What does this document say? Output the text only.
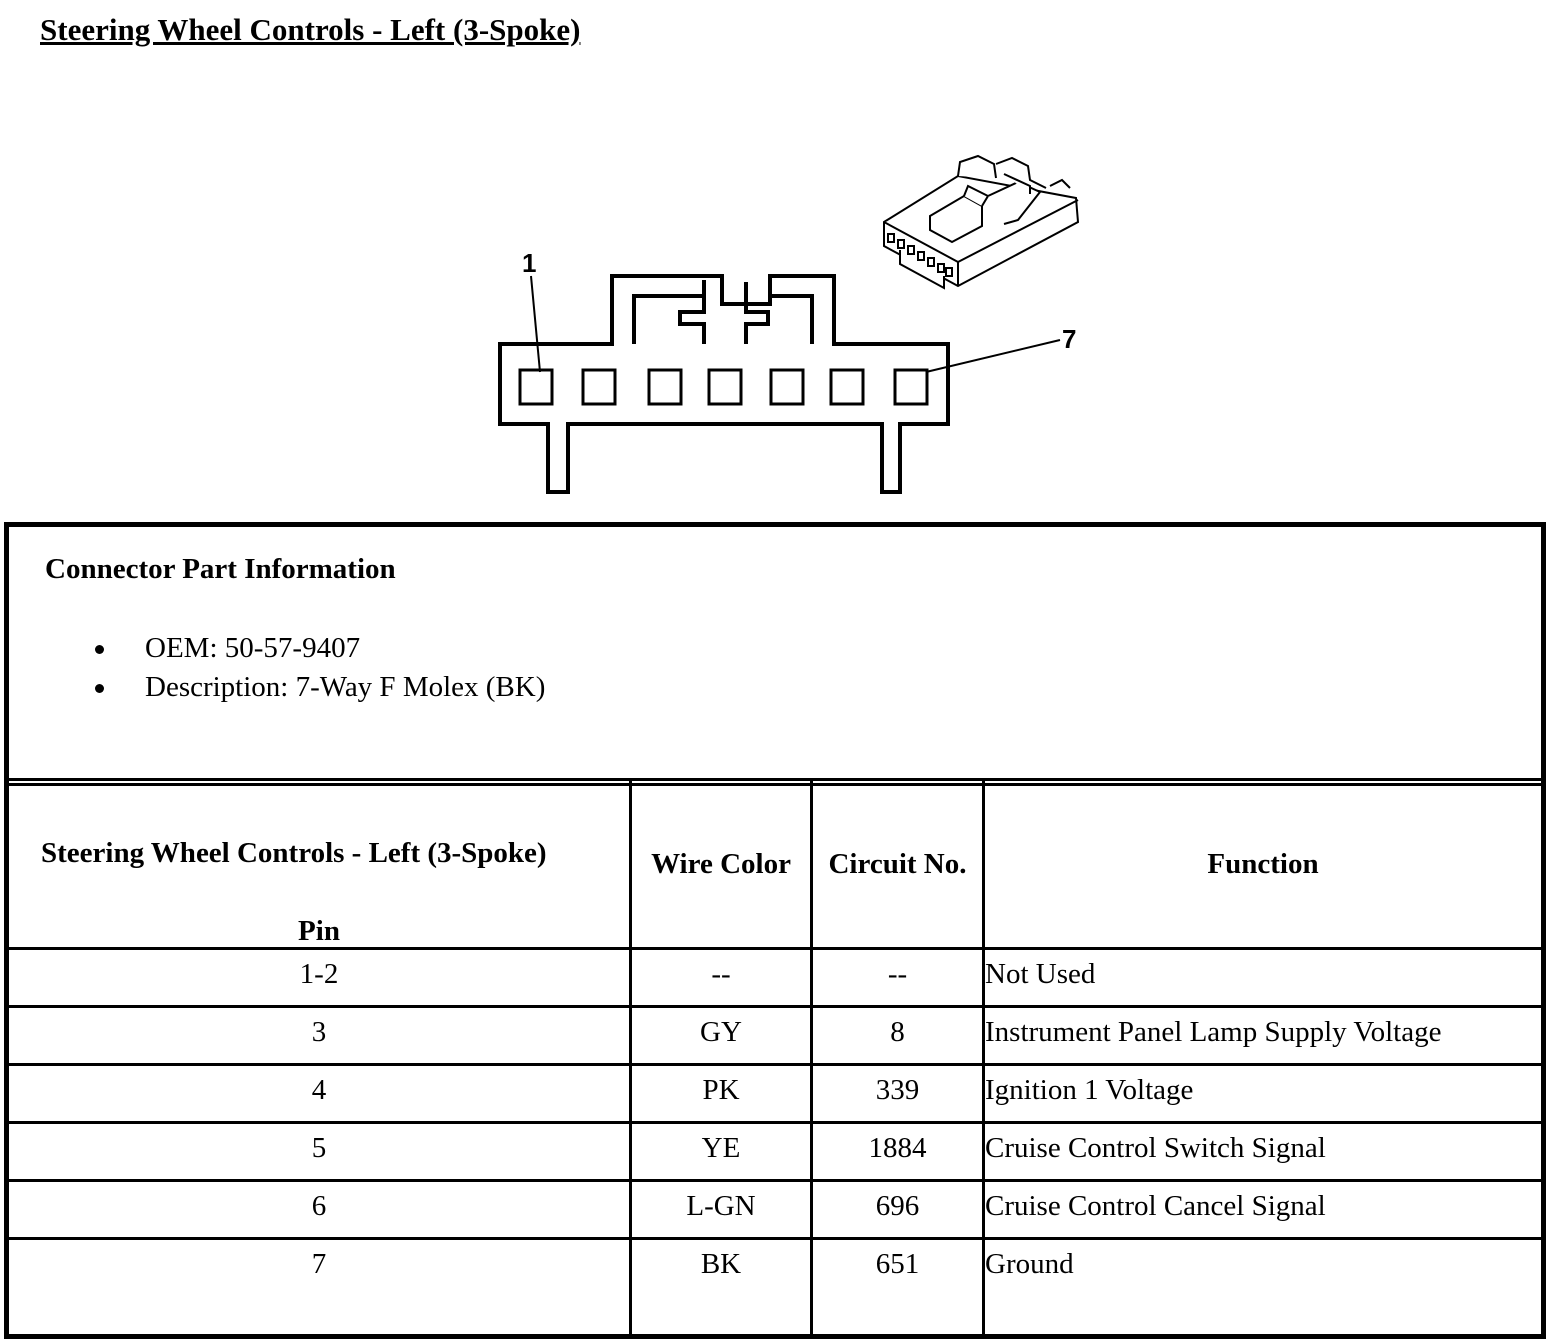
Steering Wheel Controls - Left (3-Spoke)
1
7
Connector Part Information
OEM: 50-57-9407
Description: 7-Way F Molex (BK)
Steering Wheel Controls - Left (3-Spoke)
Pin	Wire Color	Circuit No.	Function
1-2	--	--	Not Used
3	GY	8	Instrument Panel Lamp Supply Voltage
4	PK	339	Ignition 1 Voltage
5	YE	1884	Cruise Control Switch Signal
6	L-GN	696	Cruise Control Cancel Signal
7	BK	651	Ground
